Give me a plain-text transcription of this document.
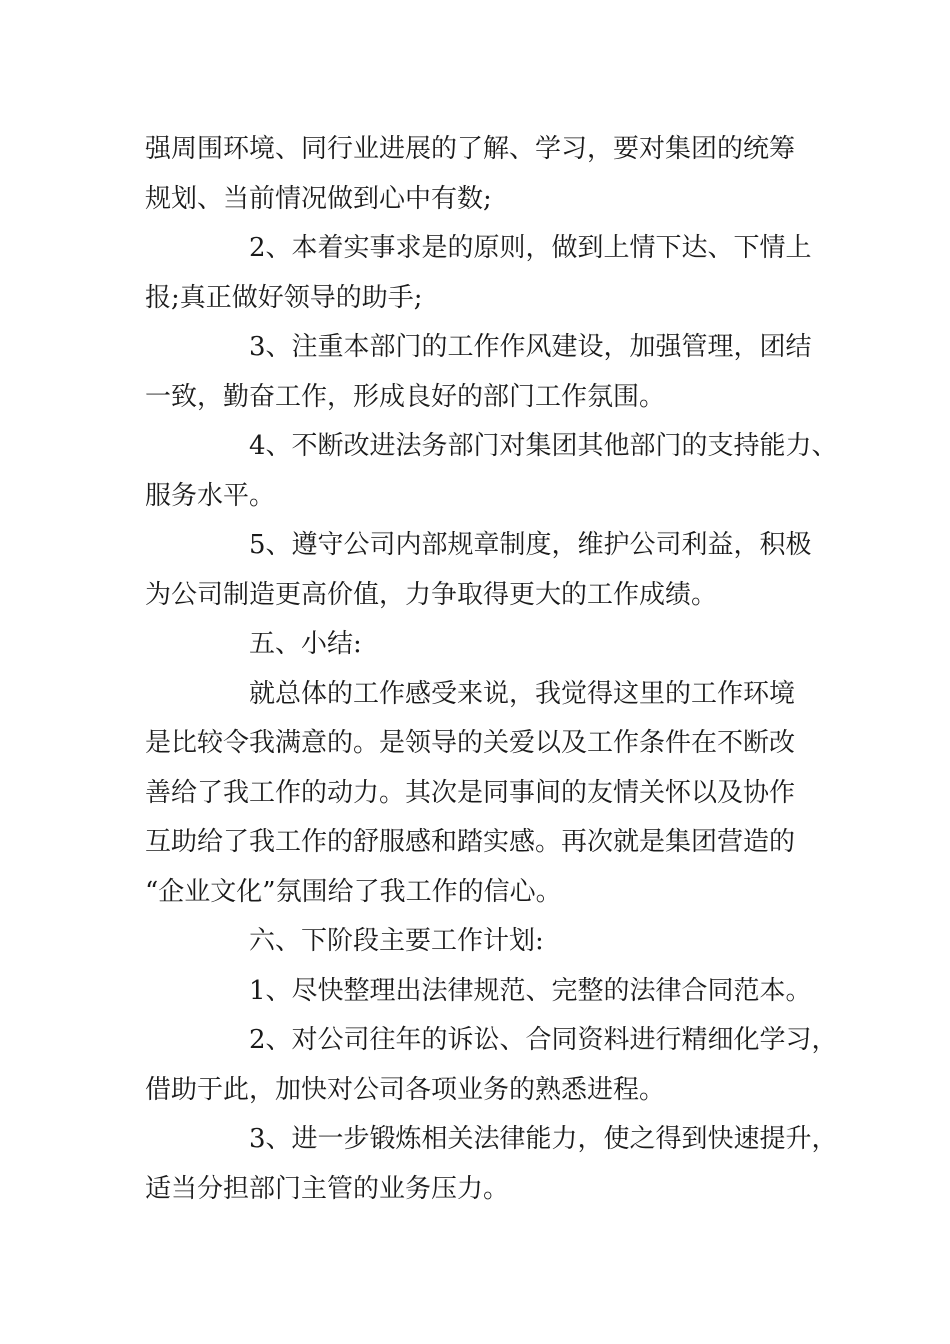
强周围环境、同行业进展的了解、学习，要对集团的统筹
规划、当前情况做到心中有数;
2、本着实事求是的原则，做到上情下达、下情上
报;真正做好领导的助手;
3、注重本部门的工作作风建设，加强管理，团结
一致，勤奋工作，形成良好的部门工作氛围。
4、不断改进法务部门对集团其他部门的支持能力、
服务水平。
5、遵守公司内部规章制度，维护公司利益，积极
为公司制造更高价值，力争取得更大的工作成绩。
五、小结:
就总体的工作感受来说，我觉得这里的工作环境
是比较令我满意的。是领导的关爱以及工作条件在不断改
善给了我工作的动力。其次是同事间的友情关怀以及协作
互助给了我工作的舒服感和踏实感。再次就是集团营造的
“企业文化”氛围给了我工作的信心。
六、下阶段主要工作计划:
1、尽快整理出法律规范、完整的法律合同范本。
2、对公司往年的诉讼、合同资料进行精细化学习，
借助于此，加快对公司各项业务的熟悉进程。
3、进一步锻炼相关法律能力，使之得到快速提升，
适当分担部门主管的业务压力。
